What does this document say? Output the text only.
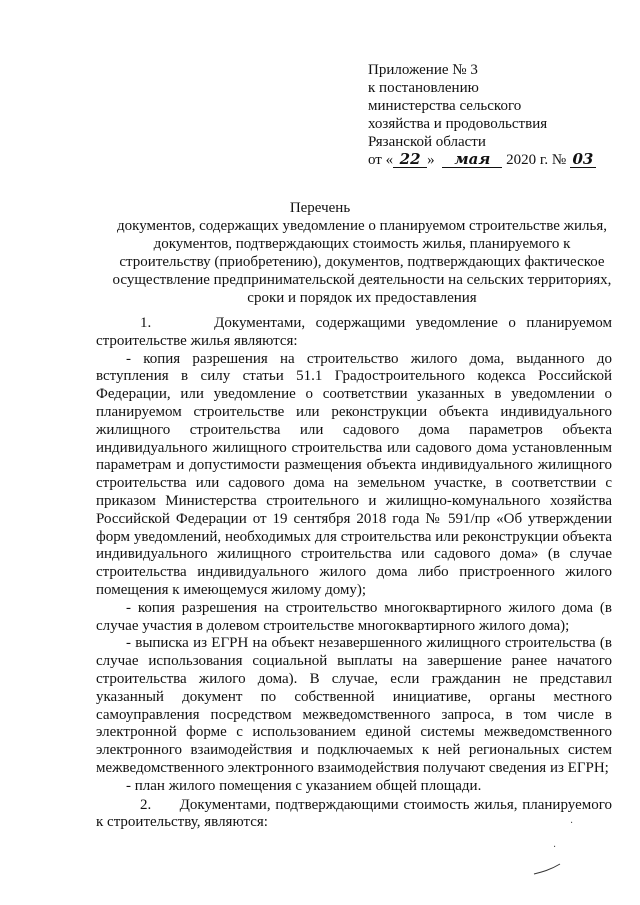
Приложение № 3
к постановлению
министерства сельского
хозяйства и продовольствия
Рязанской области
от « 22 » мая 2020 г. № 03
Перечень
документов, содержащих уведомление о планируемом строительстве жилья, документов, подтверждающих стоимость жилья, планируемого к строительству (приобретению), документов, подтверждающих фактическое осуществление предпринимательской деятельности на сельских территориях, сроки и порядок их предоставления

1.      Документами, содержащими уведомление о планируемом строительстве жилья являются:

- копия разрешения на строительство жилого дома, выданного до вступления в силу статьи 51.1 Градостроительного кодекса Российской Федерации, или уведомление о соответствии указанных в уведомлении о планируемом строительстве или реконструкции объекта индивидуального жилищного строительства или садового дома параметров объекта индивидуального жилищного строительства или садового дома установленным параметрам и допустимости размещения объекта индивидуального жилищного строительства или садового дома на земельном участке, в соответствии с приказом Министерства строительного и жилищно-комунального хозяйства Российской Федерации от 19 сентября 2018 года № 591/пр «Об утверждении форм уведомлений, необходимых для строительства или реконструкции объекта индивидуального жилищного строительства или садового дома» (в случае строительства индивидуального жилого дома либо пристроенного жилого помещения к имеющемуся жилому дому);

- копия разрешения на строительство многоквартирного жилого дома (в случае участия в долевом строительстве многоквартирного жилого дома);

- выписка из ЕГРН на объект незавершенного жилищного строительства (в случае использования социальной выплаты на завершение ранее начатого строительства жилого дома). В случае, если гражданин не представил указанный документ по собственной инициативе, органы местного самоуправления посредством межведомственного запроса, в том числе в электронной форме с использованием единой системы межведомственного электронного взаимодействия и подключаемых к ней региональных систем межведомственного электронного взаимодействия получают сведения из ЕГРН;

- план жилого помещения с указанием общей площади.

2.      Документами, подтверждающими стоимость жилья, планируемого к строительству, являются:	·
·
